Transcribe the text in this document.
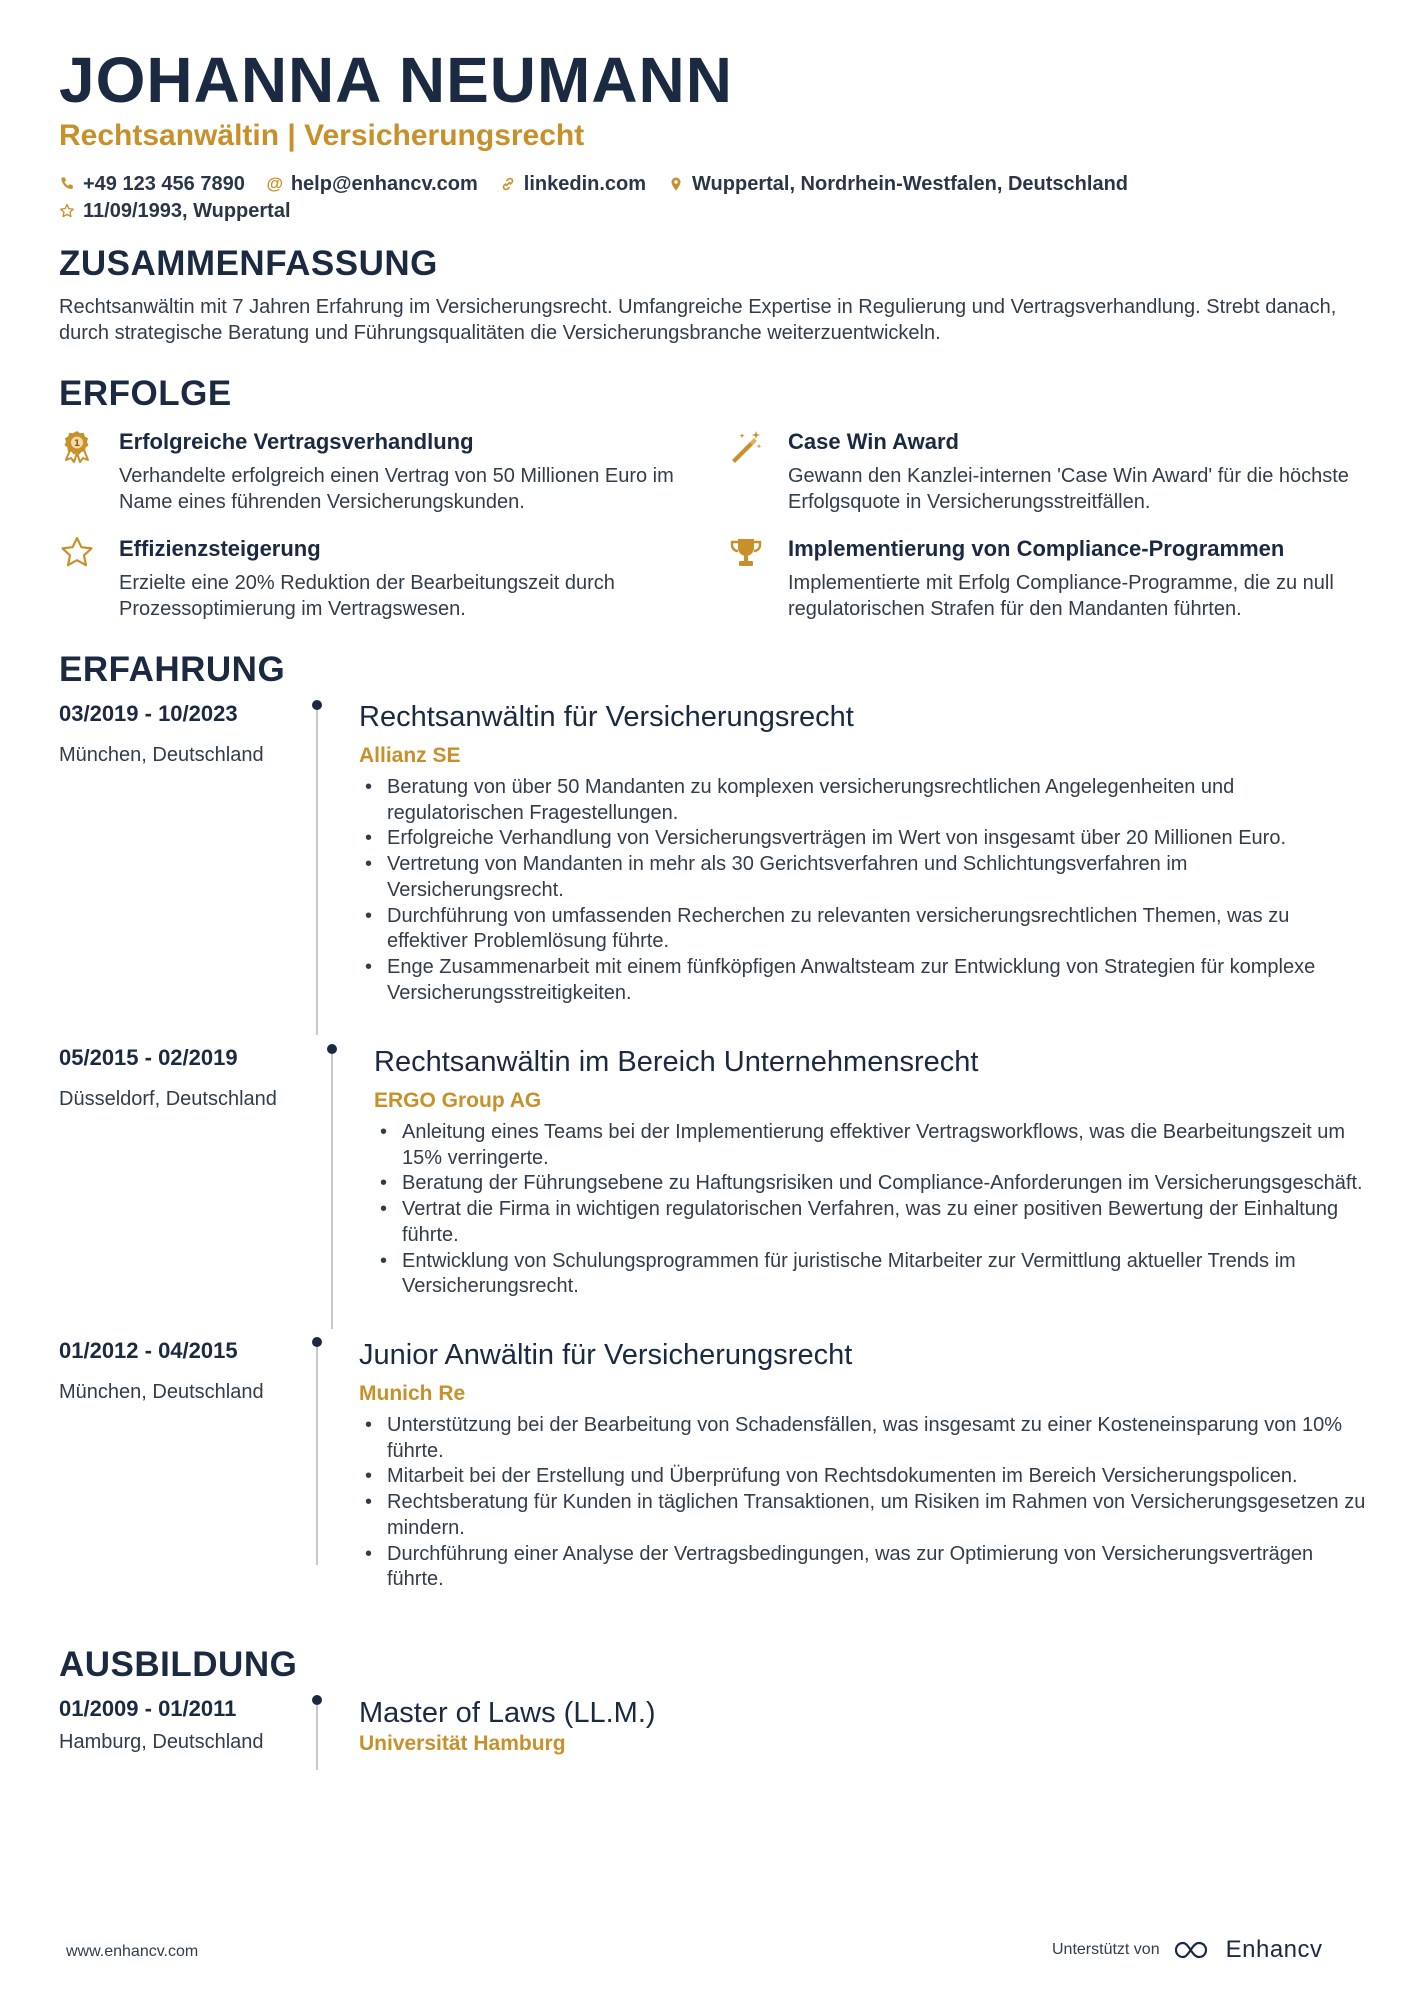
JOHANNA NEUMANN
Rechtsanwältin | Versicherungsrecht
+49 123 456 7890 @ help@enhancv.com linkedin.com Wuppertal, Nordrhein-Westfalen, Deutschland
11/09/1993, Wuppertal
ZUSAMMENFASSUNG
Rechtsanwältin mit 7 Jahren Erfahrung im Versicherungsrecht. Umfangreiche Expertise in Regulierung und Vertragsverhandlung. Strebt danach, durch strategische Beratung und Führungsqualitäten die Versicherungsbranche weiterzuentwickeln.
ERFOLGE
1 Erfolgreiche Vertragsverhandlung
Verhandelte erfolgreich einen Vertrag von 50 Millionen Euro im Name eines führenden Versicherungskunden.
Case Win Award
Gewann den Kanzlei-internen 'Case Win Award' für die höchste Erfolgsquote in Versicherungsstreitfällen.
Effizienzsteigerung
Erzielte eine 20% Reduktion der Bearbeitungszeit durch Prozessoptimierung im Vertragswesen.
Implementierung von Compliance-Programmen
Implementierte mit Erfolg Compliance-Programme, die zu null regulatorischen Strafen für den Mandanten führten.
ERFAHRUNG
03/2019 - 10/2023
München, Deutschland
Rechtsanwältin für Versicherungsrecht
Allianz SE
• Beratung von über 50 Mandanten zu komplexen versicherungsrechtlichen Angelegenheiten und regulatorischen Fragestellungen.
• Erfolgreiche Verhandlung von Versicherungsverträgen im Wert von insgesamt über 20 Millionen Euro.
• Vertretung von Mandanten in mehr als 30 Gerichtsverfahren und Schlichtungsverfahren im Versicherungsrecht.
• Durchführung von umfassenden Recherchen zu relevanten versicherungsrechtlichen Themen, was zu effektiver Problemlösung führte.
• Enge Zusammenarbeit mit einem fünfköpfigen Anwaltsteam zur Entwicklung von Strategien für komplexe Versicherungsstreitigkeiten.
05/2015 - 02/2019
Düsseldorf, Deutschland
Rechtsanwältin im Bereich Unternehmensrecht
ERGO Group AG
• Anleitung eines Teams bei der Implementierung effektiver Vertragsworkflows, was die Bearbeitungszeit um 15% verringerte.
• Beratung der Führungsebene zu Haftungsrisiken und Compliance-Anforderungen im Versicherungsgeschäft.
• Vertrat die Firma in wichtigen regulatorischen Verfahren, was zu einer positiven Bewertung der Einhaltung führte.
• Entwicklung von Schulungsprogrammen für juristische Mitarbeiter zur Vermittlung aktueller Trends im Versicherungsrecht.
01/2012 - 04/2015
München, Deutschland
Junior Anwältin für Versicherungsrecht
Munich Re
• Unterstützung bei der Bearbeitung von Schadensfällen, was insgesamt zu einer Kosteneinsparung von 10% führte.
• Mitarbeit bei der Erstellung und Überprüfung von Rechtsdokumenten im Bereich Versicherungspolicen.
• Rechtsberatung für Kunden in täglichen Transaktionen, um Risiken im Rahmen von Versicherungsgesetzen zu mindern.
• Durchführung einer Analyse der Vertragsbedingungen, was zur Optimierung von Versicherungsverträgen führte.
AUSBILDUNG
01/2009 - 01/2011
Hamburg, Deutschland
Master of Laws (LL.M.)
Universität Hamburg
www.enhancv.com	Unterstützt von	Enhancv
